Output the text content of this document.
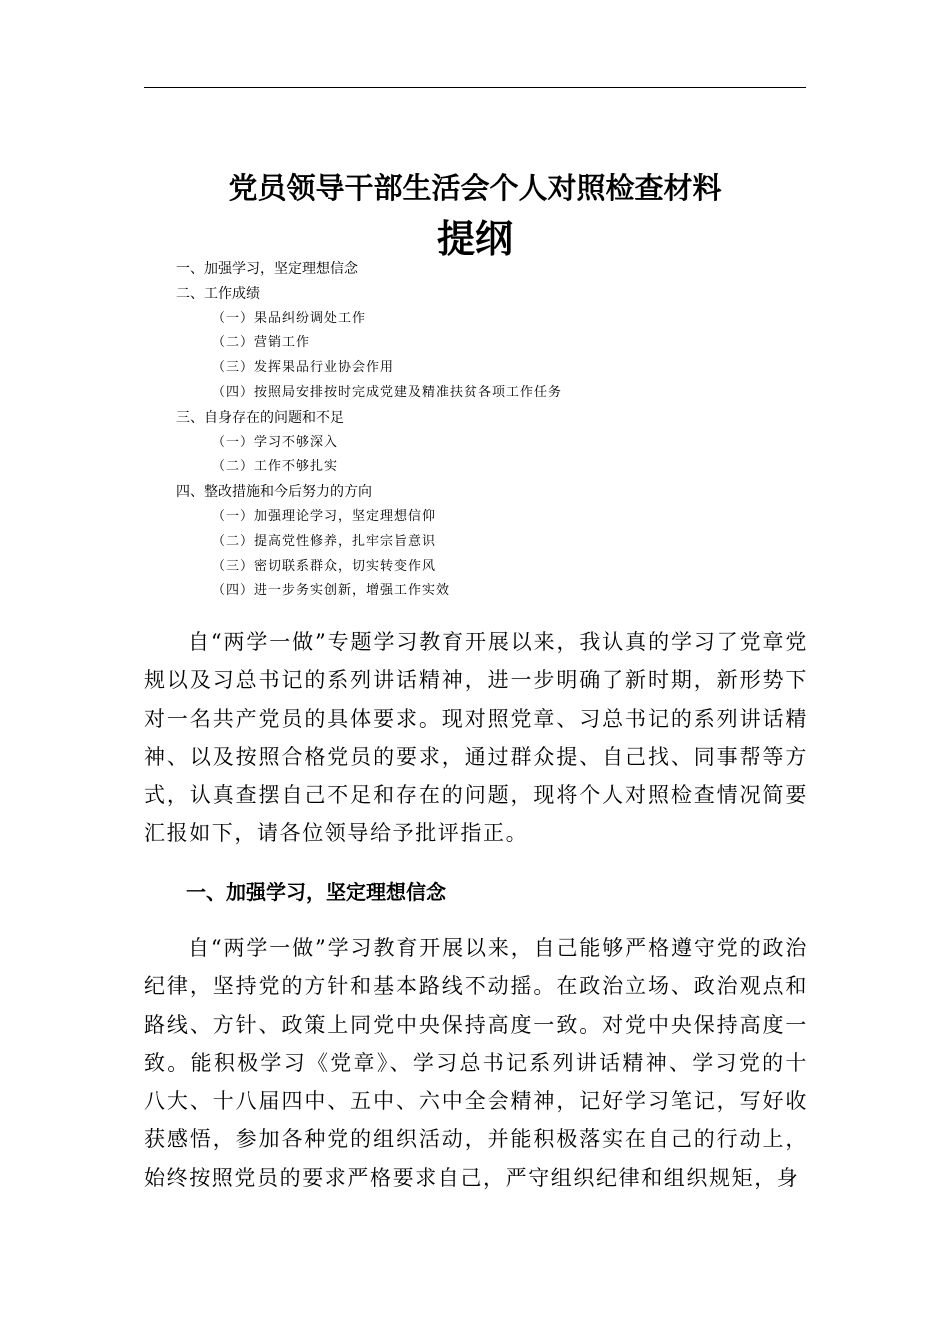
党员领导干部生活会个人对照检查材料
提纲
一、加强学习，坚定理想信念
二、工作成绩
（一）果品纠纷调处工作
（二）营销工作
（三）发挥果品行业协会作用
（四）按照局安排按时完成党建及精准扶贫各项工作任务
三、自身存在的问题和不足
（一）学习不够深入
（二）工作不够扎实
四、整改措施和今后努力的方向
（一）加强理论学习，坚定理想信仰
（二）提高党性修养，扎牢宗旨意识
（三）密切联系群众，切实转变作风
（四）进一步务实创新，增强工作实效

自“两学一做”专题学习教育开展以来，我认真的学习了党章党规以及习总书记的系列讲话精神，进一步明确了新时期，新形势下对一名共产党员的具体要求。现对照党章、习总书记的系列讲话精神、以及按照合格党员的要求，通过群众提、自己找、同事帮等方式，认真查摆自己不足和存在的问题，现将个人对照检查情况简要汇报如下，请各位领导给予批评指正。

一、加强学习，坚定理想信念

自“两学一做”学习教育开展以来，自己能够严格遵守党的政治纪律，坚持党的方针和基本路线不动摇。在政治立场、政治观点和路线、方针、政策上同党中央保持高度一致。对党中央保持高度一致。能积极学习《党章》、学习总书记系列讲话精神、学习党的十八大、十八届四中、五中、六中全会精神，记好学习笔记，写好收获感悟，参加各种党的组织活动，并能积极落实在自己的行动上，始终按照党员的要求严格要求自己，严守组织纪律和组织规矩，身
